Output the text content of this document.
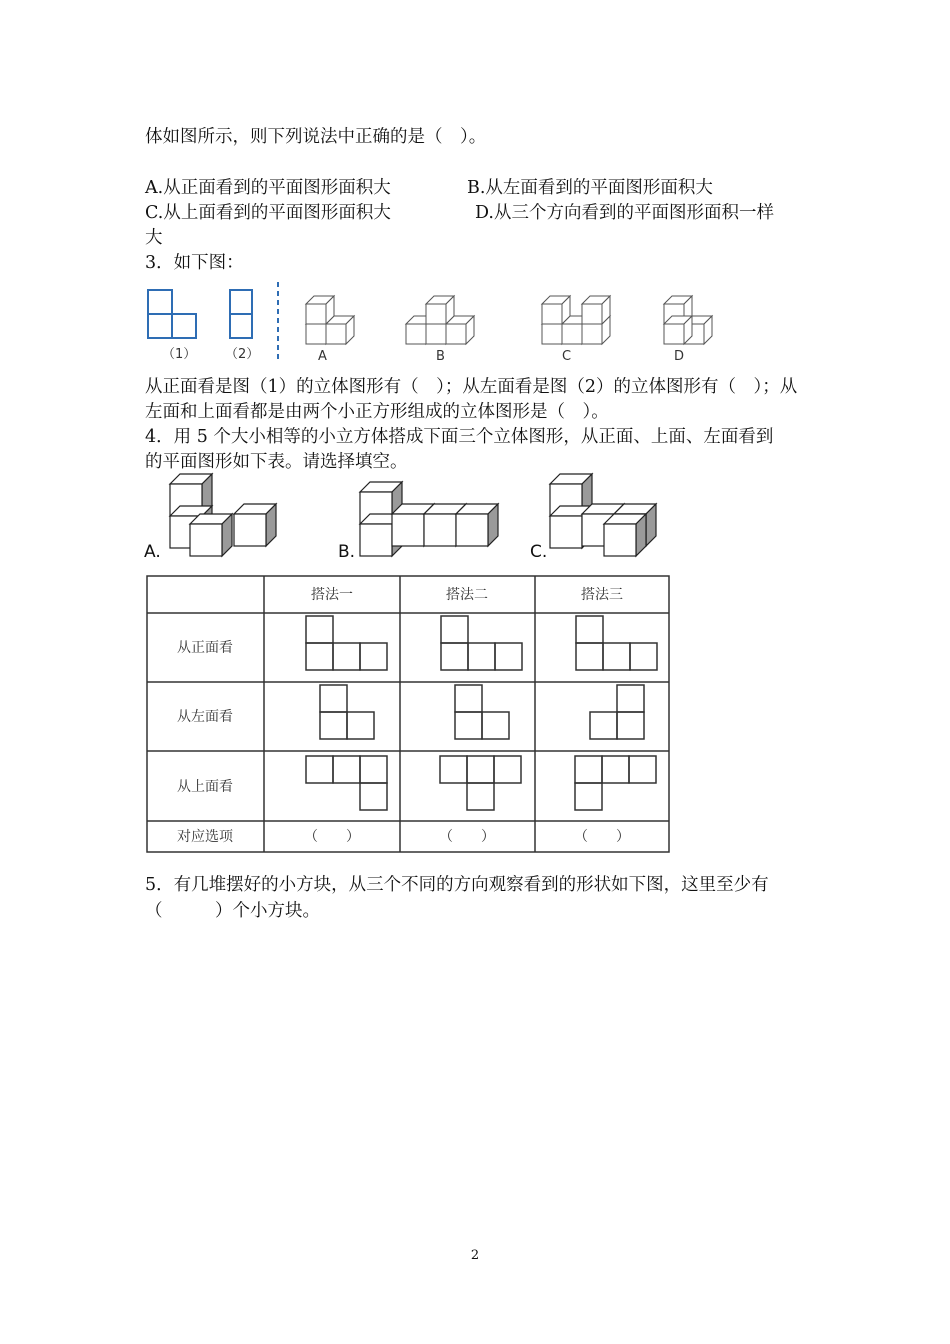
体如图所示，则下列说法中正确的是（　）。
A.从正面看到的平面图形面积大	B.从左面看到的平面图形面积大
C.从上面看到的平面图形面积大	D.从三个方向看到的平面图形面积一样
大
3．如下图：
（1） （2）	A	B	C	D
从正面看是图（1）的立体图形有（　）；从左面看是图（2）的立体图形有（　）；从
左面和上面看都是由两个小正方形组成的立体图形是（　）。
4．用 5 个大小相等的小立方体搭成下面三个立体图形，从正面、上面、左面看到
的平面图形如下表。请选择填空。
A.	B.	C.
搭法一	搭法二	搭法三
从正面看
从左面看
从上面看
对应选项	（　　）	（　　）	（　　）
5．有几堆摆好的小方块，从三个不同的方向观察看到的形状如下图，这里至少有
（　　　）个小方块。
2
